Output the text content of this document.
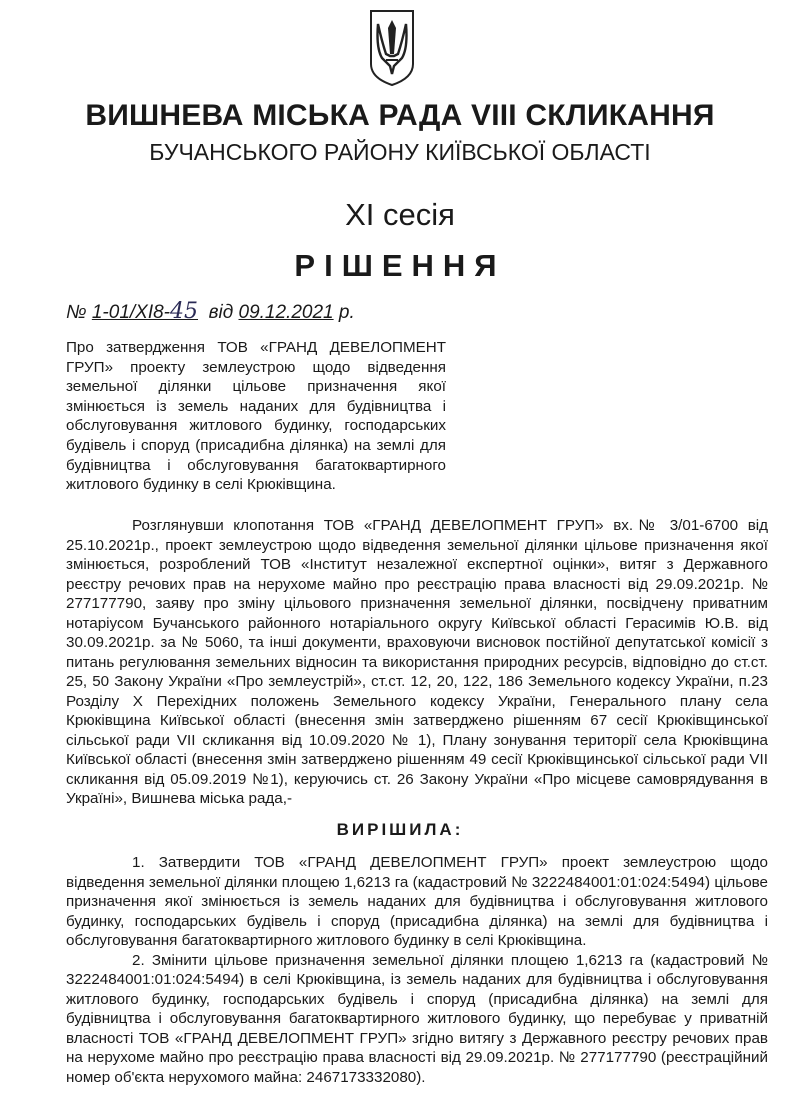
ВИШНЕВА МІСЬКА РАДА VIII СКЛИКАННЯ
БУЧАНСЬКОГО РАЙОНУ КИЇВСЬКОЇ ОБЛАСТІ
XI сесія
РІШЕННЯ
№ 1-01/XI8-45 від 09.12.2021 р.
Про затвердження ТОВ «ГРАНД ДЕВЕЛОПМЕНТ ГРУП» проекту землеустрою щодо відведення земельної ділянки цільове призначення якої змінюється із земель наданих для будівництва і обслуговування житлового будинку, господарських будівель і споруд (присадибна ділянка) на землі для будівництва і обслуговування багатоквартирного житлового будинку в селі Крюківщина.

Розглянувши клопотання ТОВ «ГРАНД ДЕВЕЛОПМЕНТ ГРУП» вх.№ 3/01-6700 від 25.10.2021р., проект землеустрою щодо відведення земельної ділянки цільове призначення якої змінюється, розроблений ТОВ «Інститут незалежної експертної оцінки», витяг з Державного реєстру речових прав на нерухоме майно про реєстрацію права власності від 29.09.2021р. № 277177790, заяву про зміну цільового призначення земельної ділянки, посвідчену приватним нотаріусом Бучанського районного нотаріального округу Київської області Герасимів Ю.В. від 30.09.2021р. за № 5060, та інші документи, враховуючи висновок постійної депутатської комісії з питань регулювання земельних відносин та використання природних ресурсів, відповідно до ст.ст. 25, 50 Закону України «Про землеустрій», ст.ст. 12, 20, 122, 186 Земельного кодексу України, п.23 Розділу X Перехідних положень Земельного кодексу України, Генерального плану села Крюківщина Київської області (внесення змін затверджено рішенням 67 сесії Крюківщинської сільської ради VII скликання від 10.09.2020 № 1), Плану зонування території села Крюківщина Київської області (внесення змін затверджено рішенням 49 сесії Крюківщинської сільської ради VII скликання від 05.09.2019 №1), керуючись ст. 26 Закону України «Про місцеве самоврядування в Україні», Вишнева міська рада,-

ВИРІШИЛА:

1. Затвердити ТОВ «ГРАНД ДЕВЕЛОПМЕНТ ГРУП» проект землеустрою щодо відведення земельної ділянки площею 1,6213 га (кадастровий № 3222484001:01:024:5494) цільове призначення якої змінюється із земель наданих для будівництва і обслуговування житлового будинку, господарських будівель і споруд (присадибна ділянка) на землі для будівництва і обслуговування багатоквартирного житлового будинку в селі Крюківщина.

2. Змінити цільове призначення земельної ділянки площею 1,6213 га (кадастровий № 3222484001:01:024:5494) в селі Крюківщина, із земель наданих для будівництва і обслуговування житлового будинку, господарських будівель і споруд (присадибна ділянка) на землі для будівництва і обслуговування багатоквартирного житлового будинку, що перебуває у приватній власності ТОВ «ГРАНД ДЕВЕЛОПМЕНТ ГРУП» згідно витягу з Державного реєстру речових прав на нерухоме майно про реєстрацію права власності від 29.09.2021р. № 277177790 (реєстраційний номер об'єкта нерухомого майна: 2467173332080).
